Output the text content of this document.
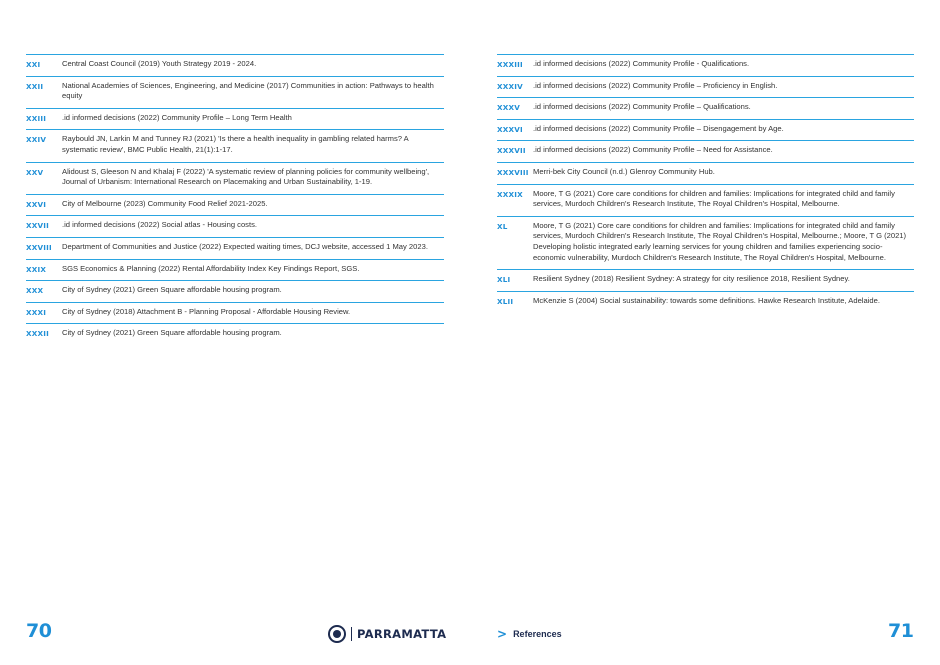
XXI	Central Coast Council (2019) Youth Strategy 2019 - 2024.
XXII	National Academies of Sciences, Engineering, and Medicine (2017) Communities in action: Pathways to health equity
XXIII	.id informed decisions (2022) Community Profile – Long Term Health
XXIV	Raybould JN, Larkin M and Tunney RJ (2021) 'Is there a health inequality in gambling related harms? A systematic review', BMC Public Health, 21(1):1-17.
XXV	Alidoust S, Gleeson N and Khalaj F (2022) 'A systematic review of planning policies for community wellbeing', Journal of Urbanism: International Research on Placemaking and Urban Sustainability, 1-19.
XXVI	City of Melbourne (2023) Community Food Relief 2021-2025.
XXVII	.id informed decisions (2022) Social atlas - Housing costs.
XXVIII	Department of Communities and Justice (2022) Expected waiting times, DCJ website, accessed 1 May 2023.
XXIX	SGS Economics & Planning (2022) Rental Affordability Index Key Findings Report, SGS.
XXX	City of Sydney (2021) Green Square affordable housing program.
XXXI	City of Sydney (2018) Attachment B - Planning Proposal - Affordable Housing Review.
XXXII	City of Sydney (2021) Green Square affordable housing program.
XXXIII	.id informed decisions (2022) Community Profile - Qualifications.
XXXIV	.id informed decisions (2022) Community Profile – Proficiency in English.
XXXV	.id informed decisions (2022) Community Profile – Qualifications.
XXXVI	.id informed decisions (2022) Community Profile – Disengagement by Age.
XXXVII .id informed decisions (2022) Community Profile – Need for Assistance.
XXXVIII Merri-bek City Council (n.d.) Glenroy Community Hub.
XXXIX	Moore, T G (2021) Core care conditions for children and families: Implications for integrated child and family services, Murdoch Children's Research Institute, The Royal Children's Hospital, Melbourne.
XL	Moore, T G (2021) Core care conditions for children and families: Implications for integrated child and family services, Murdoch Children's Research Institute, The Royal Children's Hospital, Melbourne.; Moore, T G (2021) Developing holistic integrated early learning services for young children and families experiencing socio-economic vulnerability, Murdoch Children's Research Institute, The Royal Children's Hospital, Melbourne.
XLI	Resilient Sydney (2018) Resilient Sydney: A strategy for city resilience 2018, Resilient Sydney.
XLII	McKenzie S (2004) Social sustainability: towards some definitions. Hawke Research Institute, Adelaide.
70	PARRAMATTA	> References	71
